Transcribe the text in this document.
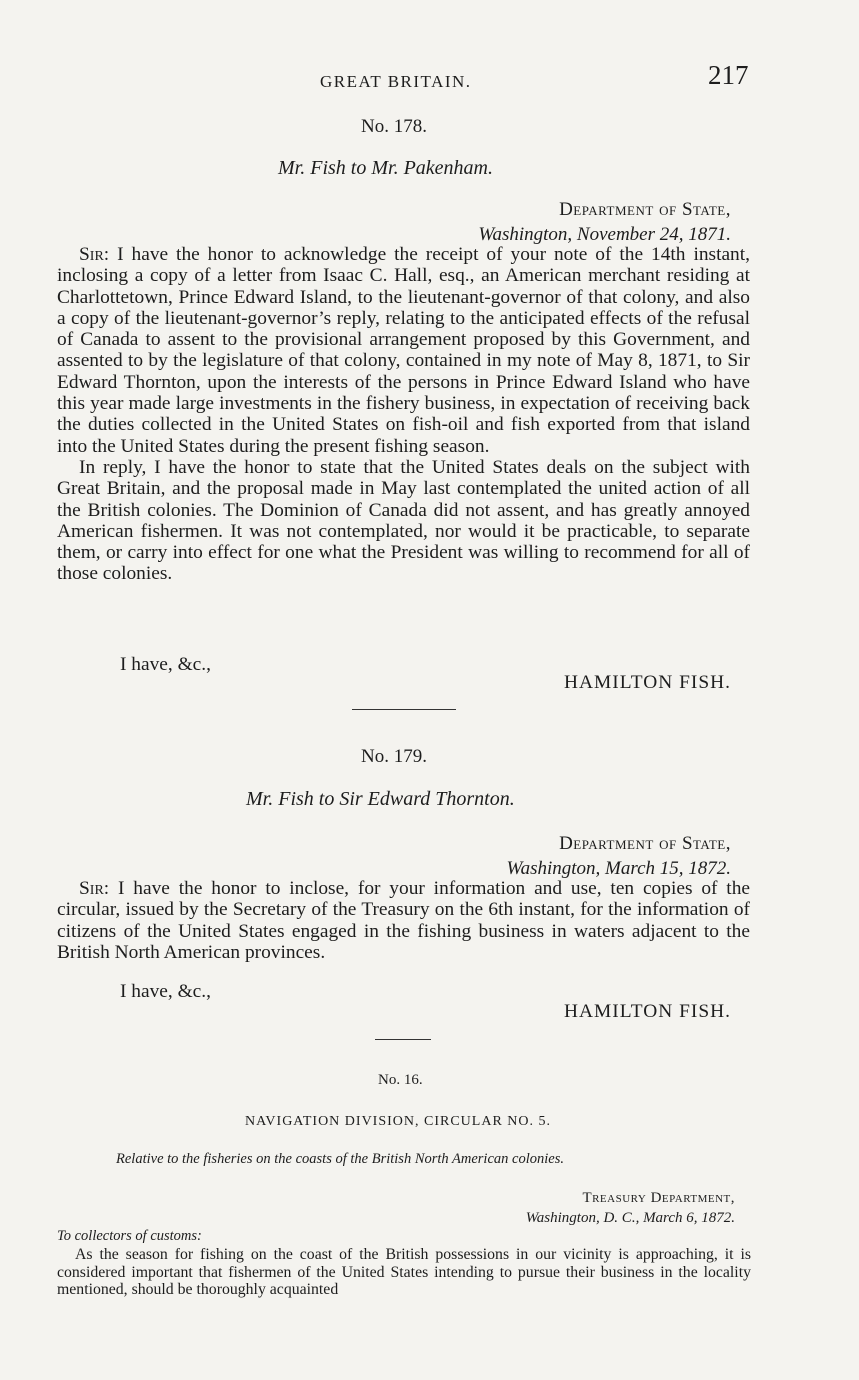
GREAT BRITAIN.	217
No. 178.
Mr. Fish to Mr. Pakenham.
Department of State,
Washington, November 24, 1871.

Sir: I have the honor to acknowledge the receipt of your note of the 14th instant, inclosing a copy of a letter from Isaac C. Hall, esq., an American merchant residing at Charlottetown, Prince Edward Island, to the lieutenant-governor of that colony, and also a copy of the lieutenant-governor’s reply, relating to the anticipated effects of the refusal of Canada to assent to the provisional arrangement proposed by this Government, and assented to by the legislature of that colony, contained in my note of May 8, 1871, to Sir Edward Thornton, upon the interests of the persons in Prince Edward Island who have this year made large investments in the fishery business, in expectation of receiving back the duties collected in the United States on fish-oil and fish exported from that island into the United States during the present fishing season.

In reply, I have the honor to state that the United States deals on the subject with Great Britain, and the proposal made in May last contemplated the united action of all the British colonies. The Dominion of Canada did not assent, and has greatly annoyed American fishermen. It was not contemplated, nor would it be practicable, to separate them, or carry into effect for one what the President was willing to recommend for all of those colonies.

I have, &c.,
HAMILTON FISH.
No. 179.
Mr. Fish to Sir Edward Thornton.
Department of State,
Washington, March 15, 1872.

Sir: I have the honor to inclose, for your information and use, ten copies of the circular, issued by the Secretary of the Treasury on the 6th instant, for the information of citizens of the United States engaged in the fishing business in waters adjacent to the British North American provinces.

I have, &c.,
HAMILTON FISH.
No. 16.
NAVIGATION DIVISION, CIRCULAR NO. 5.
Relative to the fisheries on the coasts of the British North American colonies.
Treasury Department,
Washington, D. C., March 6, 1872.
To collectors of customs:

As the season for fishing on the coast of the British possessions in our vicinity is approaching, it is considered important that fishermen of the United States intending to pursue their business in the locality mentioned, should be thoroughly acquainted
